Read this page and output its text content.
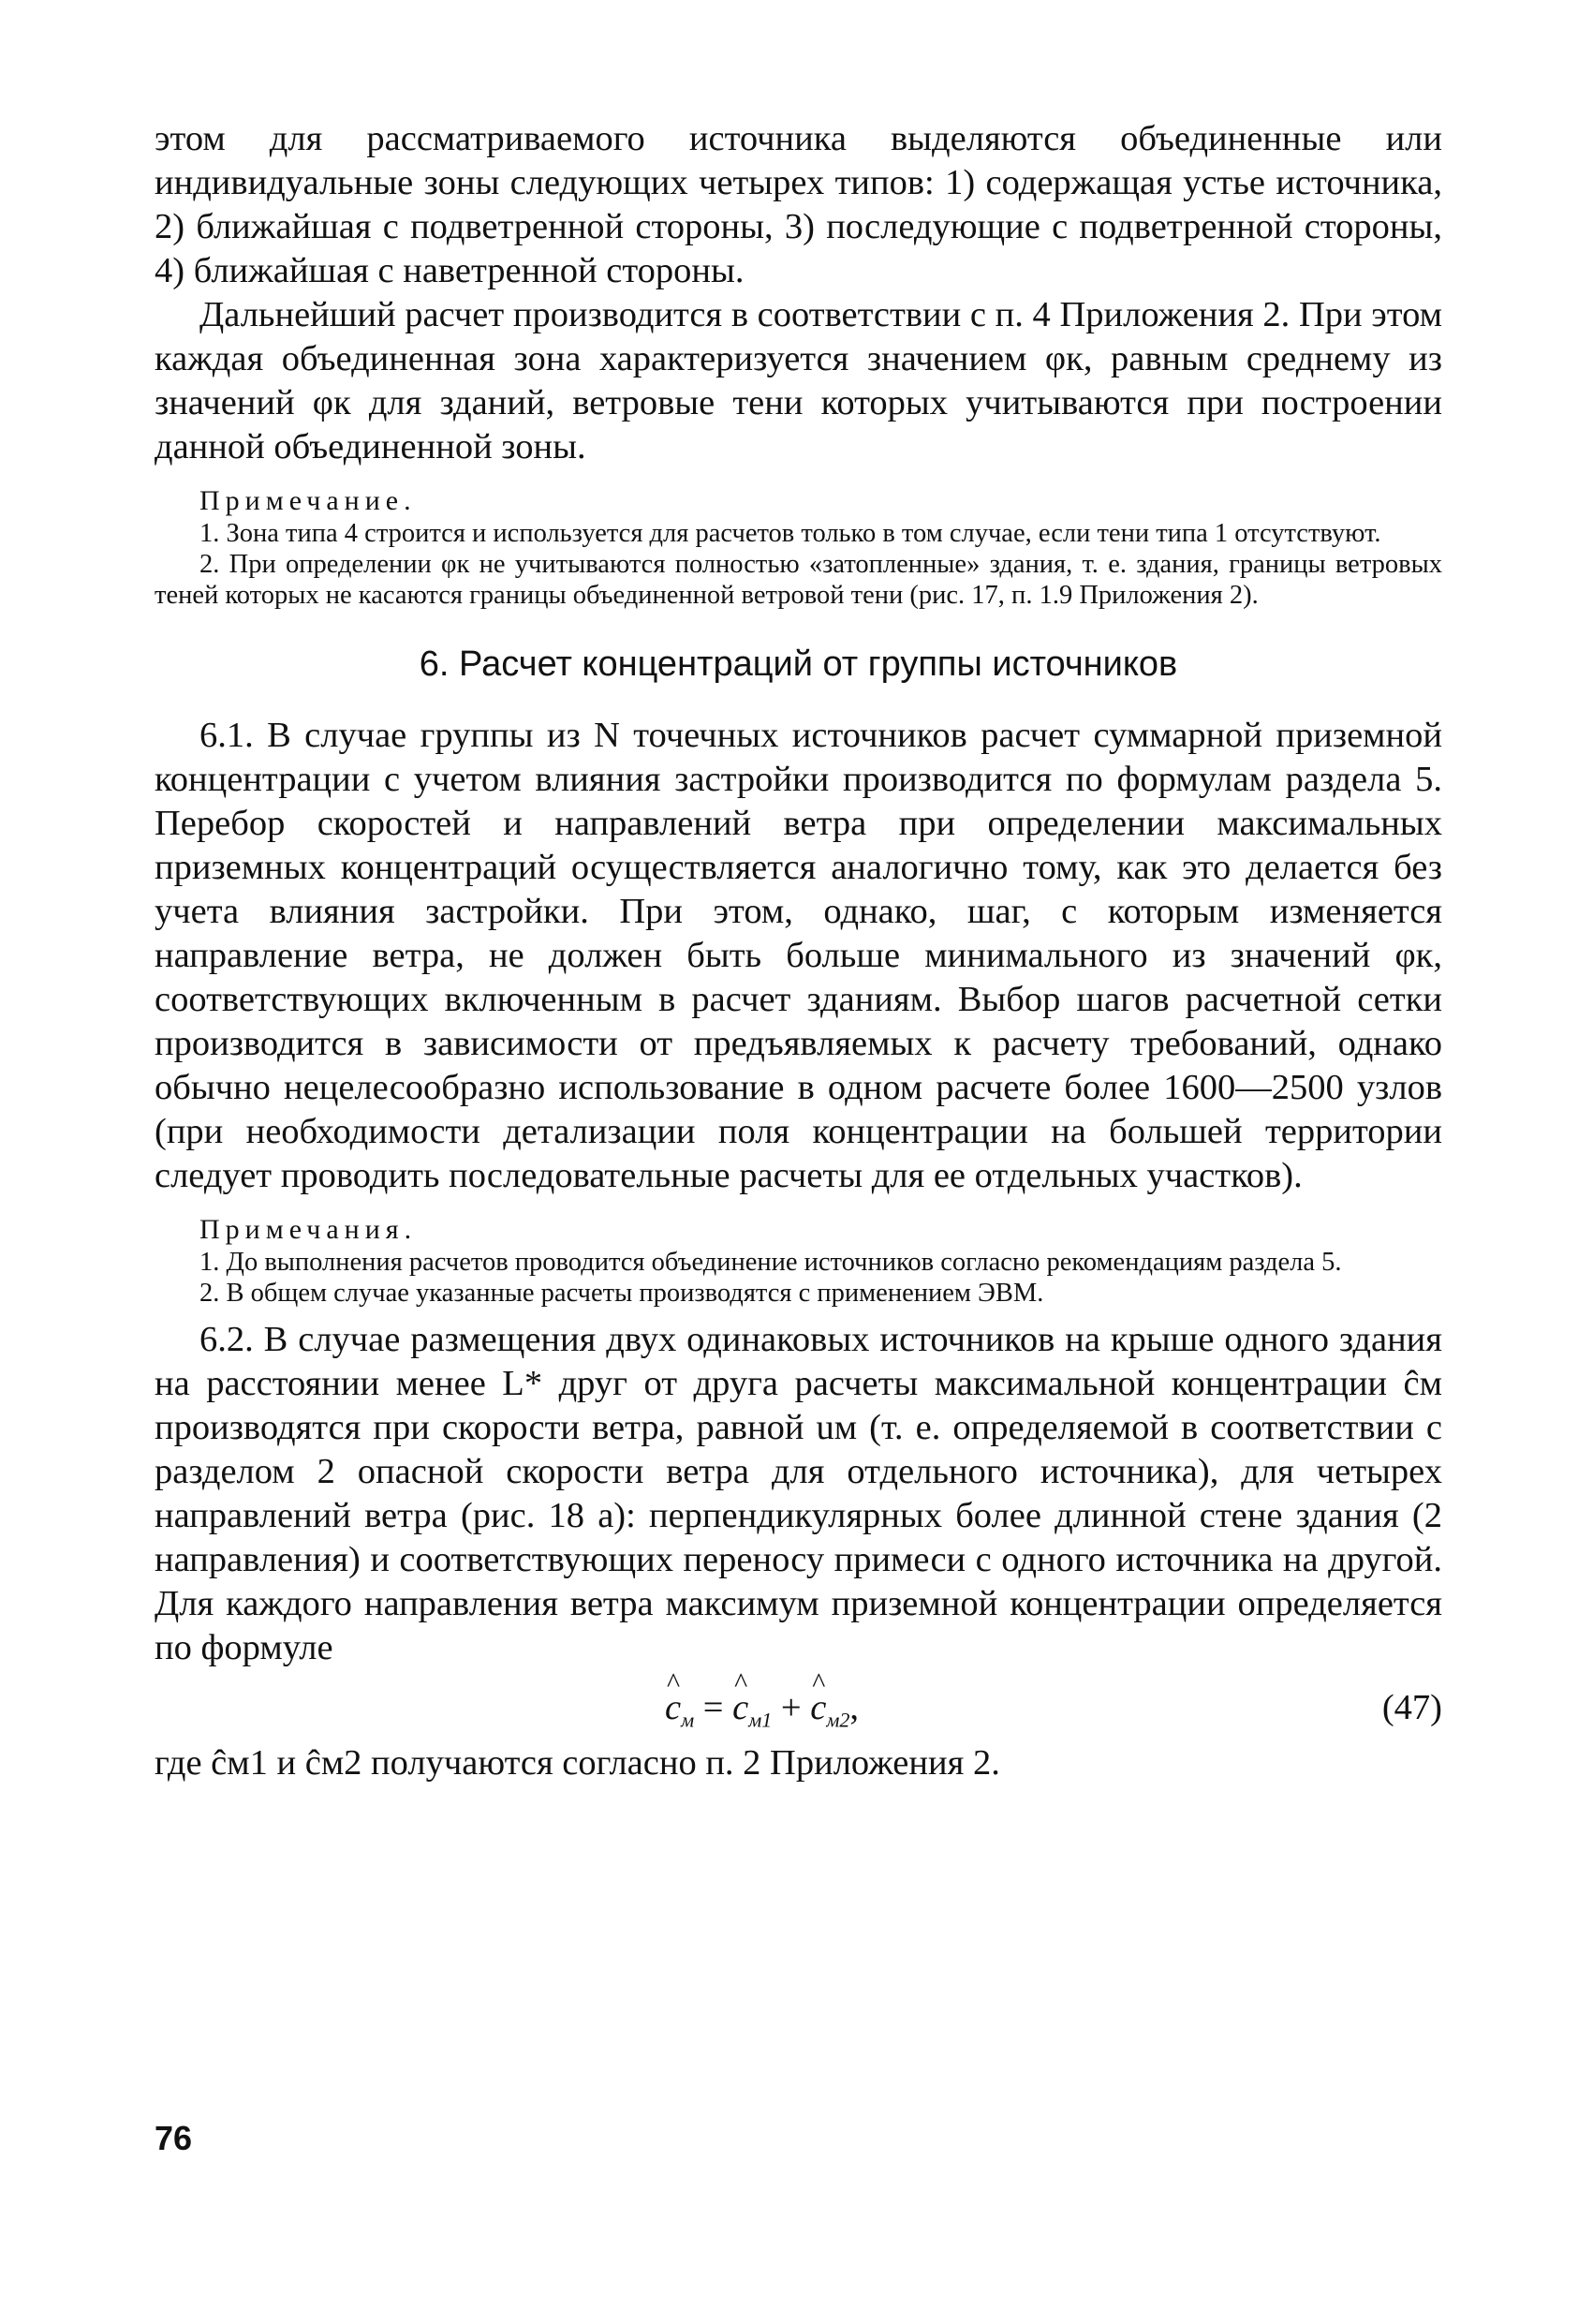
этом для рассматриваемого источника выделяются объединенные или индивидуальные зоны следующих четырех типов: 1) содержащая устье источника, 2) ближайшая с подветренной стороны, 3) последующие с подветренной стороны, 4) ближайшая с наветренной стороны.

Дальнейший расчет производится в соответствии с п. 4 Приложения 2. При этом каждая объединенная зона характеризуется значением φк, равным среднему из значений φк для зданий, ветровые тени которых учитываются при построении данной объединенной зоны.

Примечание.

1. Зона типа 4 строится и используется для расчетов только в том случае, если тени типа 1 отсутствуют.

2. При определении φк не учитываются полностью «затопленные» здания, т. е. здания, границы ветровых теней которых не касаются границы объединенной ветровой тени (рис. 17, п. 1.9 Приложения 2).

6. Расчет концентраций от группы источников

6.1. В случае группы из N точечных источников расчет суммарной приземной концентрации с учетом влияния застройки производится по формулам раздела 5. Перебор скоростей и направлений ветра при определении максимальных приземных концентраций осуществляется аналогично тому, как это делается без учета влияния застройки. При этом, однако, шаг, с которым изменяется направление ветра, не должен быть больше минимального из значений φк, соответствующих включенным в расчет зданиям. Выбор шагов расчетной сетки производится в зависимости от предъявляемых к расчету требований, однако обычно нецелесообразно использование в одном расчете более 1600—2500 узлов (при необходимости детализации поля концентрации на большей территории следует проводить последовательные расчеты для ее отдельных участков).

Примечания.

1. До выполнения расчетов проводится объединение источников согласно рекомендациям раздела 5.

2. В общем случае указанные расчеты производятся с применением ЭВМ.

6.2. В случае размещения двух одинаковых источников на крыше одного здания на расстоянии менее L* друг от друга расчеты максимальной концентрации ĉм производятся при скорости ветра, равной uм (т. е. определяемой в соответствии с разделом 2 опасной скорости ветра для отдельного источника), для четырех направлений ветра (рис. 18 а): перпендикулярных более длинной стене здания (2 направления) и соответствующих переносу примеси с одного источника на другой. Для каждого направления ветра максимум приземной концентрации определяется по формуле

^ $c_м$ = ^ $c_{м1}$ + ^ $c_{м2}$,	(47)

где ĉм1 и ĉм2 получаются согласно п. 2 Приложения 2.

76
